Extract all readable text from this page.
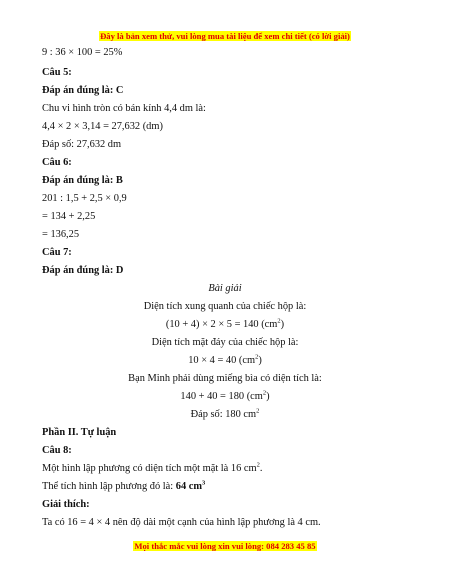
Đây là bản xem thử, vui lòng mua tài liệu để xem chi tiết (có lời giải)
9 : 36 × 100 = 25%
Câu 5:
Đáp án đúng là: C
Chu vi hình tròn có bán kính 4,4 dm là:
4,4 × 2 × 3,14 = 27,632 (dm)
Đáp số: 27,632 dm
Câu 6:
Đáp án đúng là: B
201 : 1,5 + 2,5 × 0,9
= 134 + 2,25
= 136,25
Câu 7:
Đáp án đúng là: D
Bài giải
Diện tích xung quanh của chiếc hộp là:
(10 + 4) × 2 × 5 = 140 $(cm^2)$
Diện tích mặt đáy của chiếc hộp là:
10 × 4 = 40 $(cm^2)$
Bạn Minh phải dùng miếng bìa có diện tích là:
140 + 40 = 180 $(cm^2)$
Đáp số: 180 $cm^2$
Phần II. Tự luận
Câu 8:
Một hình lập phương có diện tích một mặt là 16 $cm^2$.
Thể tích hình lập phương đó là: 64 $cm^3$
Giải thích:
Ta có 16 = 4 × 4 nên độ dài một cạnh của hình lập phương là 4 cm.
Mọi thắc mắc vui lòng xin vui lòng: 084 283 45 85
